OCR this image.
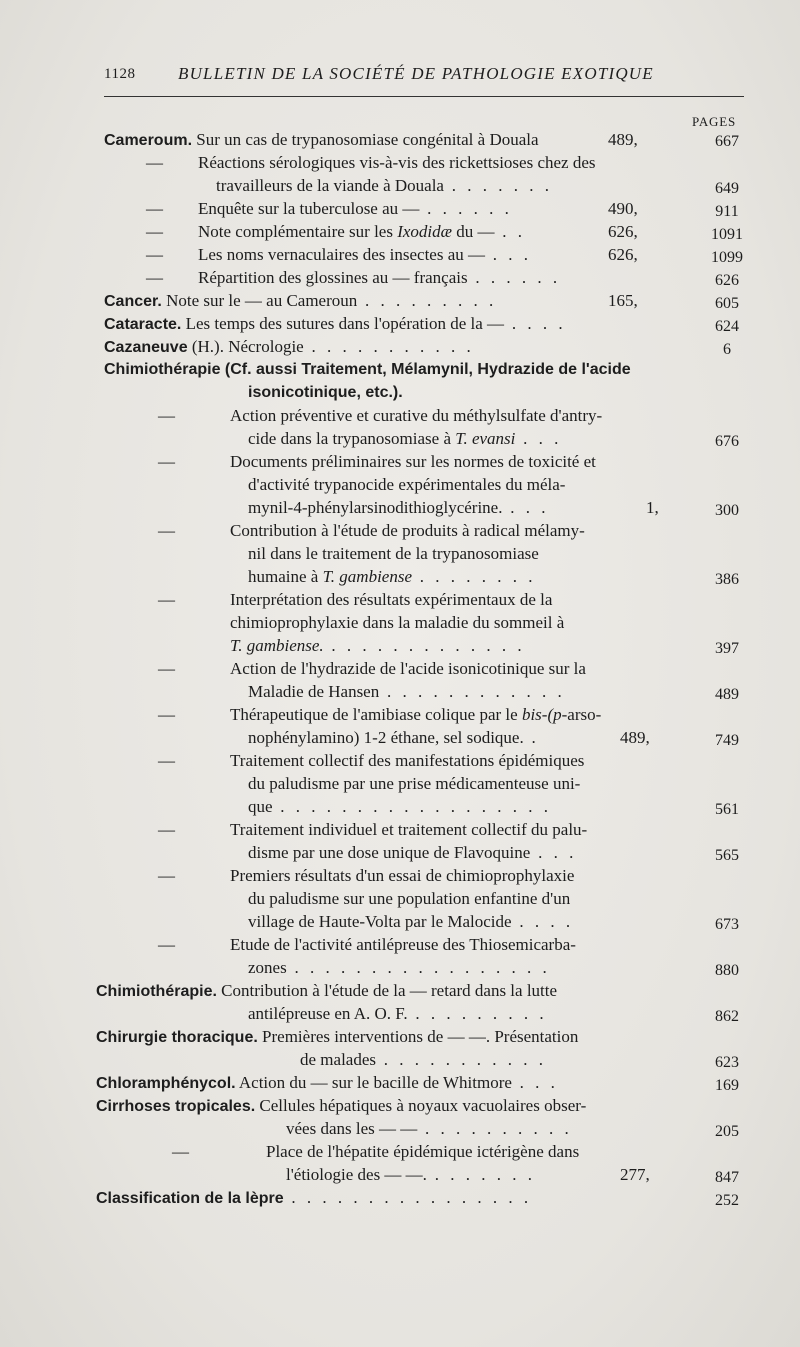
1128	BULLETIN DE LA SOCIÉTÉ DE PATHOLOGIE EXOTIQUE
PAGES
Cameroum. Sur un cas de trypanosomiase congénital à Douala	489,	667
— Réactions sérologiques vis-à-vis des rickettsioses chez des
travailleurs de la viande à Douala . . . . . . .	649
— Enquête sur la tuberculose au — . . . . . .	490,	911
— Note complémentaire sur les Ixodidæ du — . .	626,	1091
— Les noms vernaculaires des insectes au — . . .	626,	1099
— Répartition des glossines au — français . . . . . .	626
Cancer. Note sur le — au Cameroun . . . . . . . . .	165,	605
Cataracte. Les temps des sutures dans l'opération de la — . . . .	624
Cazaneuve (H.). Nécrologie . . . . . . . . . . .	6
Chimiothérapie (Cf. aussi Traitement, Mélamynil, Hydrazide de l'acide
isonicotinique, etc.).
—	Action préventive et curative du méthylsulfate d'antry-
cide dans la trypanosomiase à T. evansi . . .	676
—	Documents préliminaires sur les normes de toxicité et
d'activité trypanocide expérimentales du méla-
mynil-4-phénylarsinodithioglycérine. . . .	1,	300
—	Contribution à l'étude de produits à radical mélamy-
nil dans le traitement de la trypanosomiase
humaine à T. gambiense . . . . . . . .	386
—	Interprétation des résultats expérimentaux de la
chimioprophylaxie dans la maladie du sommeil à
T. gambiense. . . . . . . . . . . . . .	397
—	Action de l'hydrazide de l'acide isonicotinique sur la
Maladie de Hansen . . . . . . . . . . . .	489
—	Thérapeutique de l'amibiase colique par le bis-(p-arso-
nophénylamino) 1-2 éthane, sel sodique. .	489,	749
—	Traitement collectif des manifestations épidémiques
du paludisme par une prise médicamenteuse uni-
que . . . . . . . . . . . . . . . . . .	561
—	Traitement individuel et traitement collectif du palu-
disme par une dose unique de Flavoquine . . .	565
—	Premiers résultats d'un essai de chimioprophylaxie
du paludisme sur une population enfantine d'un
village de Haute-Volta par le Malocide . . . .	673
—	Etude de l'activité antilépreuse des Thiosemicarba-
zones . . . . . . . . . . . . . . . . .	880
Chimiothérapie. Contribution à l'étude de la — retard dans la lutte
antilépreuse en A. O. F. . . . . . . . . .	862
Chirurgie thoracique. Premières interventions de — —. Présentation
de malades . . . . . . . . . . .	623
Chloramphénycol. Action du — sur le bacille de Whitmore . . .	169
Cirrhoses tropicales. Cellules hépatiques à noyaux vacuolaires obser-
vées dans les — — . . . . . . . . . .	205
—	Place de l'hépatite épidémique ictérigène dans
l'étiologie des — —. . . . . . . .	277,	847
Classification de la lèpre . . . . . . . . . . . . . . . .	252
